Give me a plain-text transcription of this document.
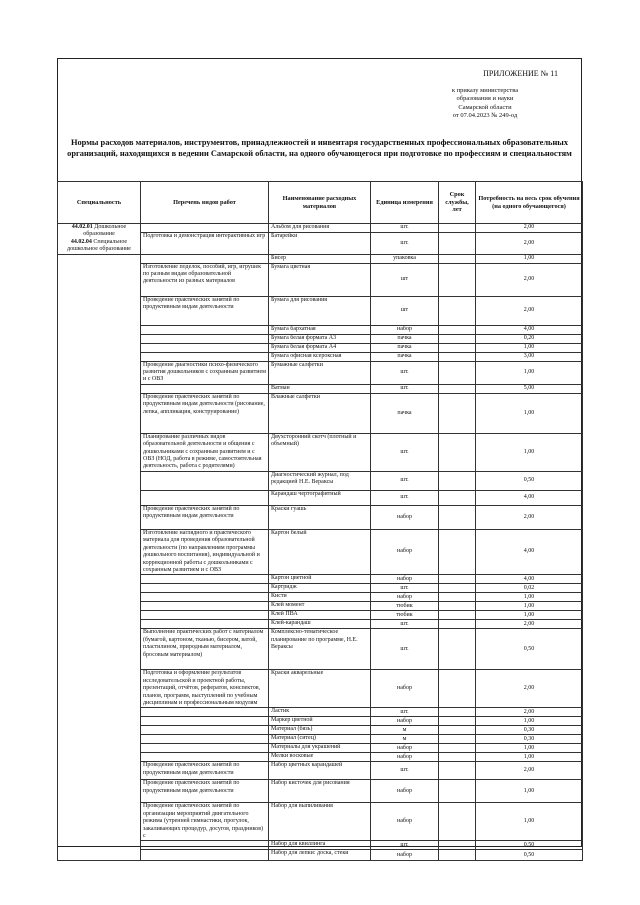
ПРИЛОЖЕНИЕ № 11
к приказу министерства
образования и науки
Самарской области
от 07.04.2023 № 249-од
Нормы расходов материалов, инструментов, принадлежностей и инвентаря государственных профессиональных образовательных организаций, находящихся в ведении Самарской области, на одного обучающегося при подготовке по профессиям и специальностям
Специальность	Перечень видов работ	Наименование расходных материалов	Единица измерения	Срок службы, лет	Потребность на весь срок обучения (на одного обучающегося)
44.02.01 Дошкольное образование
44.02.04 Специальное дошкольное образование		Альбом для рисования	шт.		2,00
	Подготовка и демонстрация интерактивных игр	Батарейки	шт.		2,00
		Бисер	упаковка		1,00
	Изготовление поделок, пособий, игр, игрушек по разным видам образовательной деятельности из разных материалов	Бумага цветная	шт		2,00
	Проведение практических занятий по продуктивным видам деятельности	Бумага для рисования	шт		2,00
		Бумага бархатная	набор		4,00
		Бумага белая формата А3	пачка		0,20
		Бумага белая формата А4	пачка		1,00
		Бумага офисная ксероксная	пачка		3,00
	Проведение диагностики психо-физического развития дошкольников с сохранным развитием и с ОВЗ	Бумажные салфетки	шт.		1,00
		Ватман	шт.		5,00
	Проведение практических занятий по продуктивным видам деятельности (рисование, лепка, аппликация, конструирование)	Влажные салфетки	пачка		1,00
	Планирование различных видов образовательной деятельности и общения с дошкольниками с сохранным развитием и с ОВЗ (НОД, работа в режиме, самостоятельная деятельность, работа с родителями)	Двухсторонний скотч (плотный и объемный)	шт.		1,00
		Диагностический журнал, под редакцией Н.Е. Вераксы	шт.		0,50
		Карандаш чертографитный	шт.		4,00
	Проведение практических занятий по продуктивным видам деятельности	Краски гуашь	набор		2,00
	Изготовление наглядного и практического материала для проведения образовательной деятельности (по направлениям программы дошкольного воспитания), индивидуальной и коррекционной работы с дошкольниками с сохранным развитием и с ОВЗ	Картон белый	набор		4,00
		Картон цветной	набор		4,00
		Картридж	шт.		0,02
		Кисти	набор		1,00
		Клей момент	тюбик		1,00
		Клей ПВА	тюбик		1,00
		Клей-карандаш	шт.		2,00
	Выполнение практических работ с материалом (бумагой, картоном, тканью, бисером, ватой, пластилином, природным материалом, бросовым материалом)	Комплексно-тематическое планирование по программе, Н.Е. Вераксы	шт.		0,50
	Подготовка и оформление результатов исследовательской и проектной работы, презентаций, отчётов, рефератов, конспектов, планов, программ, выступлений по учебным дисциплинам и профессиональным модулям	Краски акварельные	набор		2,00
		Ластик	шт.		2,00
		Маркер цветной	набор		1,00
		Материал (бязь)	м		0,30
		Материал (ситец)	м		0,30
		Материалы для украшений	набор		1,00
		Мелки восковые	набор		1,00
	Проведение практических занятий по продуктивным видам деятельности	Набор цветных карандашей	шт.		2,00
	Проведение практических занятий по продуктивным видам деятельности	Набор кисточек для рисования	набор		1,00
	Проведение практических занятий по организации мероприятий двигательного режима (утренней гимнастики, прогулок, закаливающих процедур, досугов, праздников) с	Набор для выпиливания	набор		1,00
		Набор для квиллинга	шт.		0,50
		Набор для лепки: доска, стеки	набор		0,50
